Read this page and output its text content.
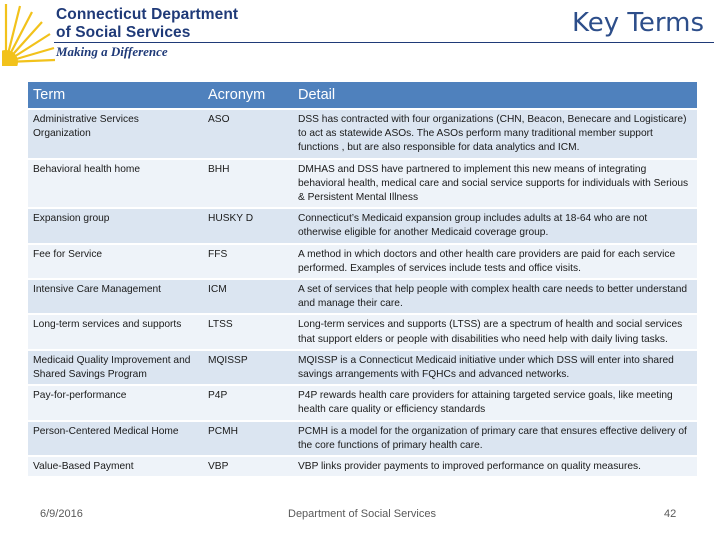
Connecticut Department
of Social Services
Making a Difference
Key Terms
Term	Acronym	Detail
Administrative Services Organization	ASO	DSS has contracted with four organizations (CHN, Beacon, Benecare and Logisticare) to act as statewide ASOs. The ASOs perform many traditional member support functions , but are also responsible for data analytics and ICM.
Behavioral health home	BHH	DMHAS and DSS have partnered to implement this new means of integrating behavioral health, medical care and social service supports for individuals with Serious & Persistent Mental Illness
Expansion group	HUSKY D	Connecticut’s Medicaid expansion group includes adults at 18-64 who are not otherwise eligible for another Medicaid coverage group.
Fee for Service	FFS	A method in which doctors and other health care providers are paid for each service performed. Examples of services include tests and office visits.
Intensive Care Management	ICM	A set of services that help people with complex health care needs to better understand and manage their care.
Long-term services and supports	LTSS	Long-term services and supports (LTSS) are a spectrum of health and social services that support elders or people with disabilities who need help with daily living tasks.
Medicaid Quality Improvement and Shared Savings Program	MQISSP	MQISSP is a Connecticut Medicaid initiative under which DSS will enter into shared savings arrangements with FQHCs and advanced networks.
Pay-for-performance	P4P	P4P rewards health care providers for attaining targeted service goals, like meeting health care quality or efficiency standards
Person-Centered Medical Home	PCMH	PCMH is a model for the organization of primary care that ensures effective delivery of the core functions of primary health care.
Value-Based Payment	VBP	VBP links provider payments to improved performance on quality measures.
6/9/2016	Department of Social Services	42
